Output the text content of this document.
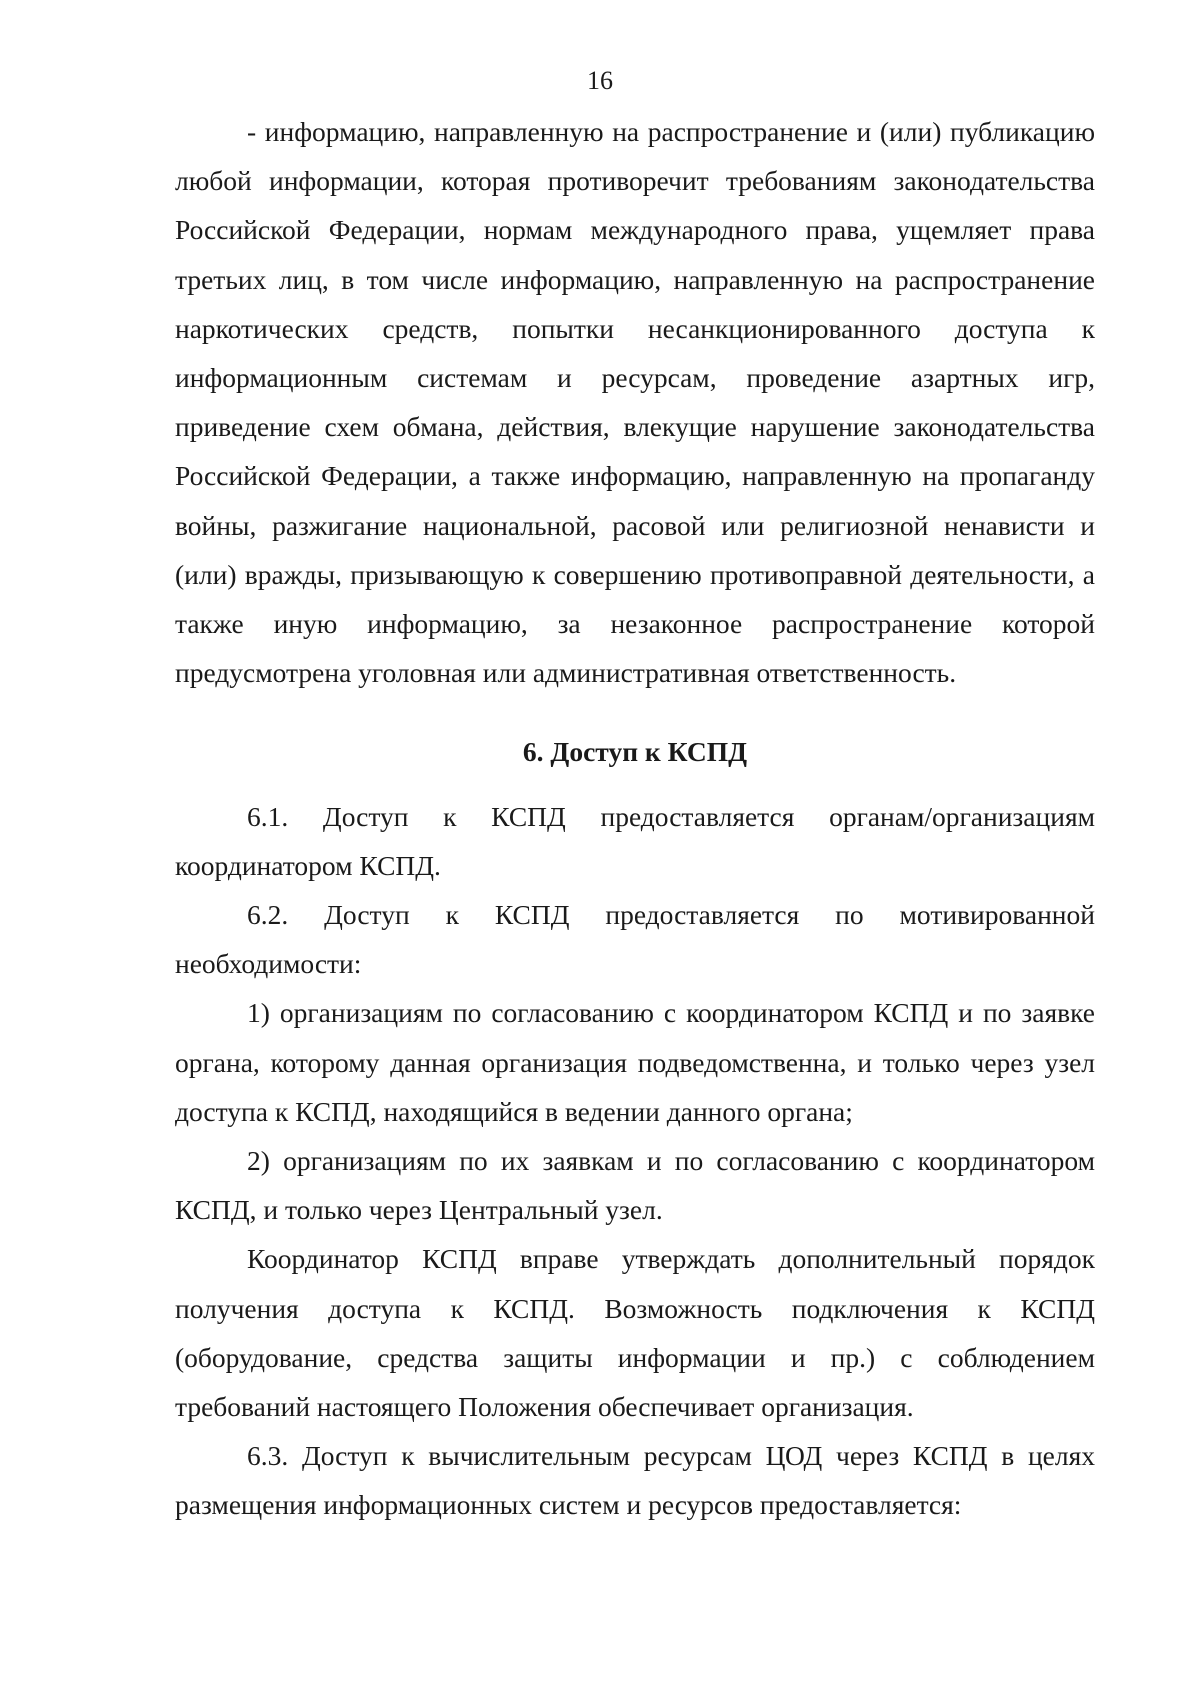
16

- информацию, направленную на распространение и (или) публикацию любой информации, которая противоречит требованиям законодательства Российской Федерации, нормам международного права, ущемляет права третьих лиц, в том числе информацию, направленную на распространение наркотических средств, попытки несанкционированного доступа к информационным системам и ресурсам, проведение азартных игр, приведение схем обмана, действия, влекущие нарушение законодательства Российской Федерации, а также информацию, направленную на пропаганду войны, разжигание национальной, расовой или религиозной ненависти и (или) вражды, призывающую к совершению противоправной деятельности, а также иную информацию, за незаконное распространение которой предусмотрена уголовная или административная ответственность.

6. Доступ к КСПД

6.1. Доступ к КСПД предоставляется органам/организациям координатором КСПД.

6.2. Доступ к КСПД предоставляется по мотивированной необходимости:

1) организациям по согласованию с координатором КСПД и по заявке органа, которому данная организация подведомственна, и только через узел доступа к КСПД, находящийся в ведении данного органа;

2) организациям по их заявкам и по согласованию с координатором КСПД, и только через Центральный узел.

Координатор КСПД вправе утверждать дополнительный порядок получения доступа к КСПД. Возможность подключения к КСПД (оборудование, средства защиты информации и пр.) с соблюдением требований настоящего Положения обеспечивает организация.

6.3. Доступ к вычислительным ресурсам ЦОД через КСПД в целях размещения информационных систем и ресурсов предоставляется:
